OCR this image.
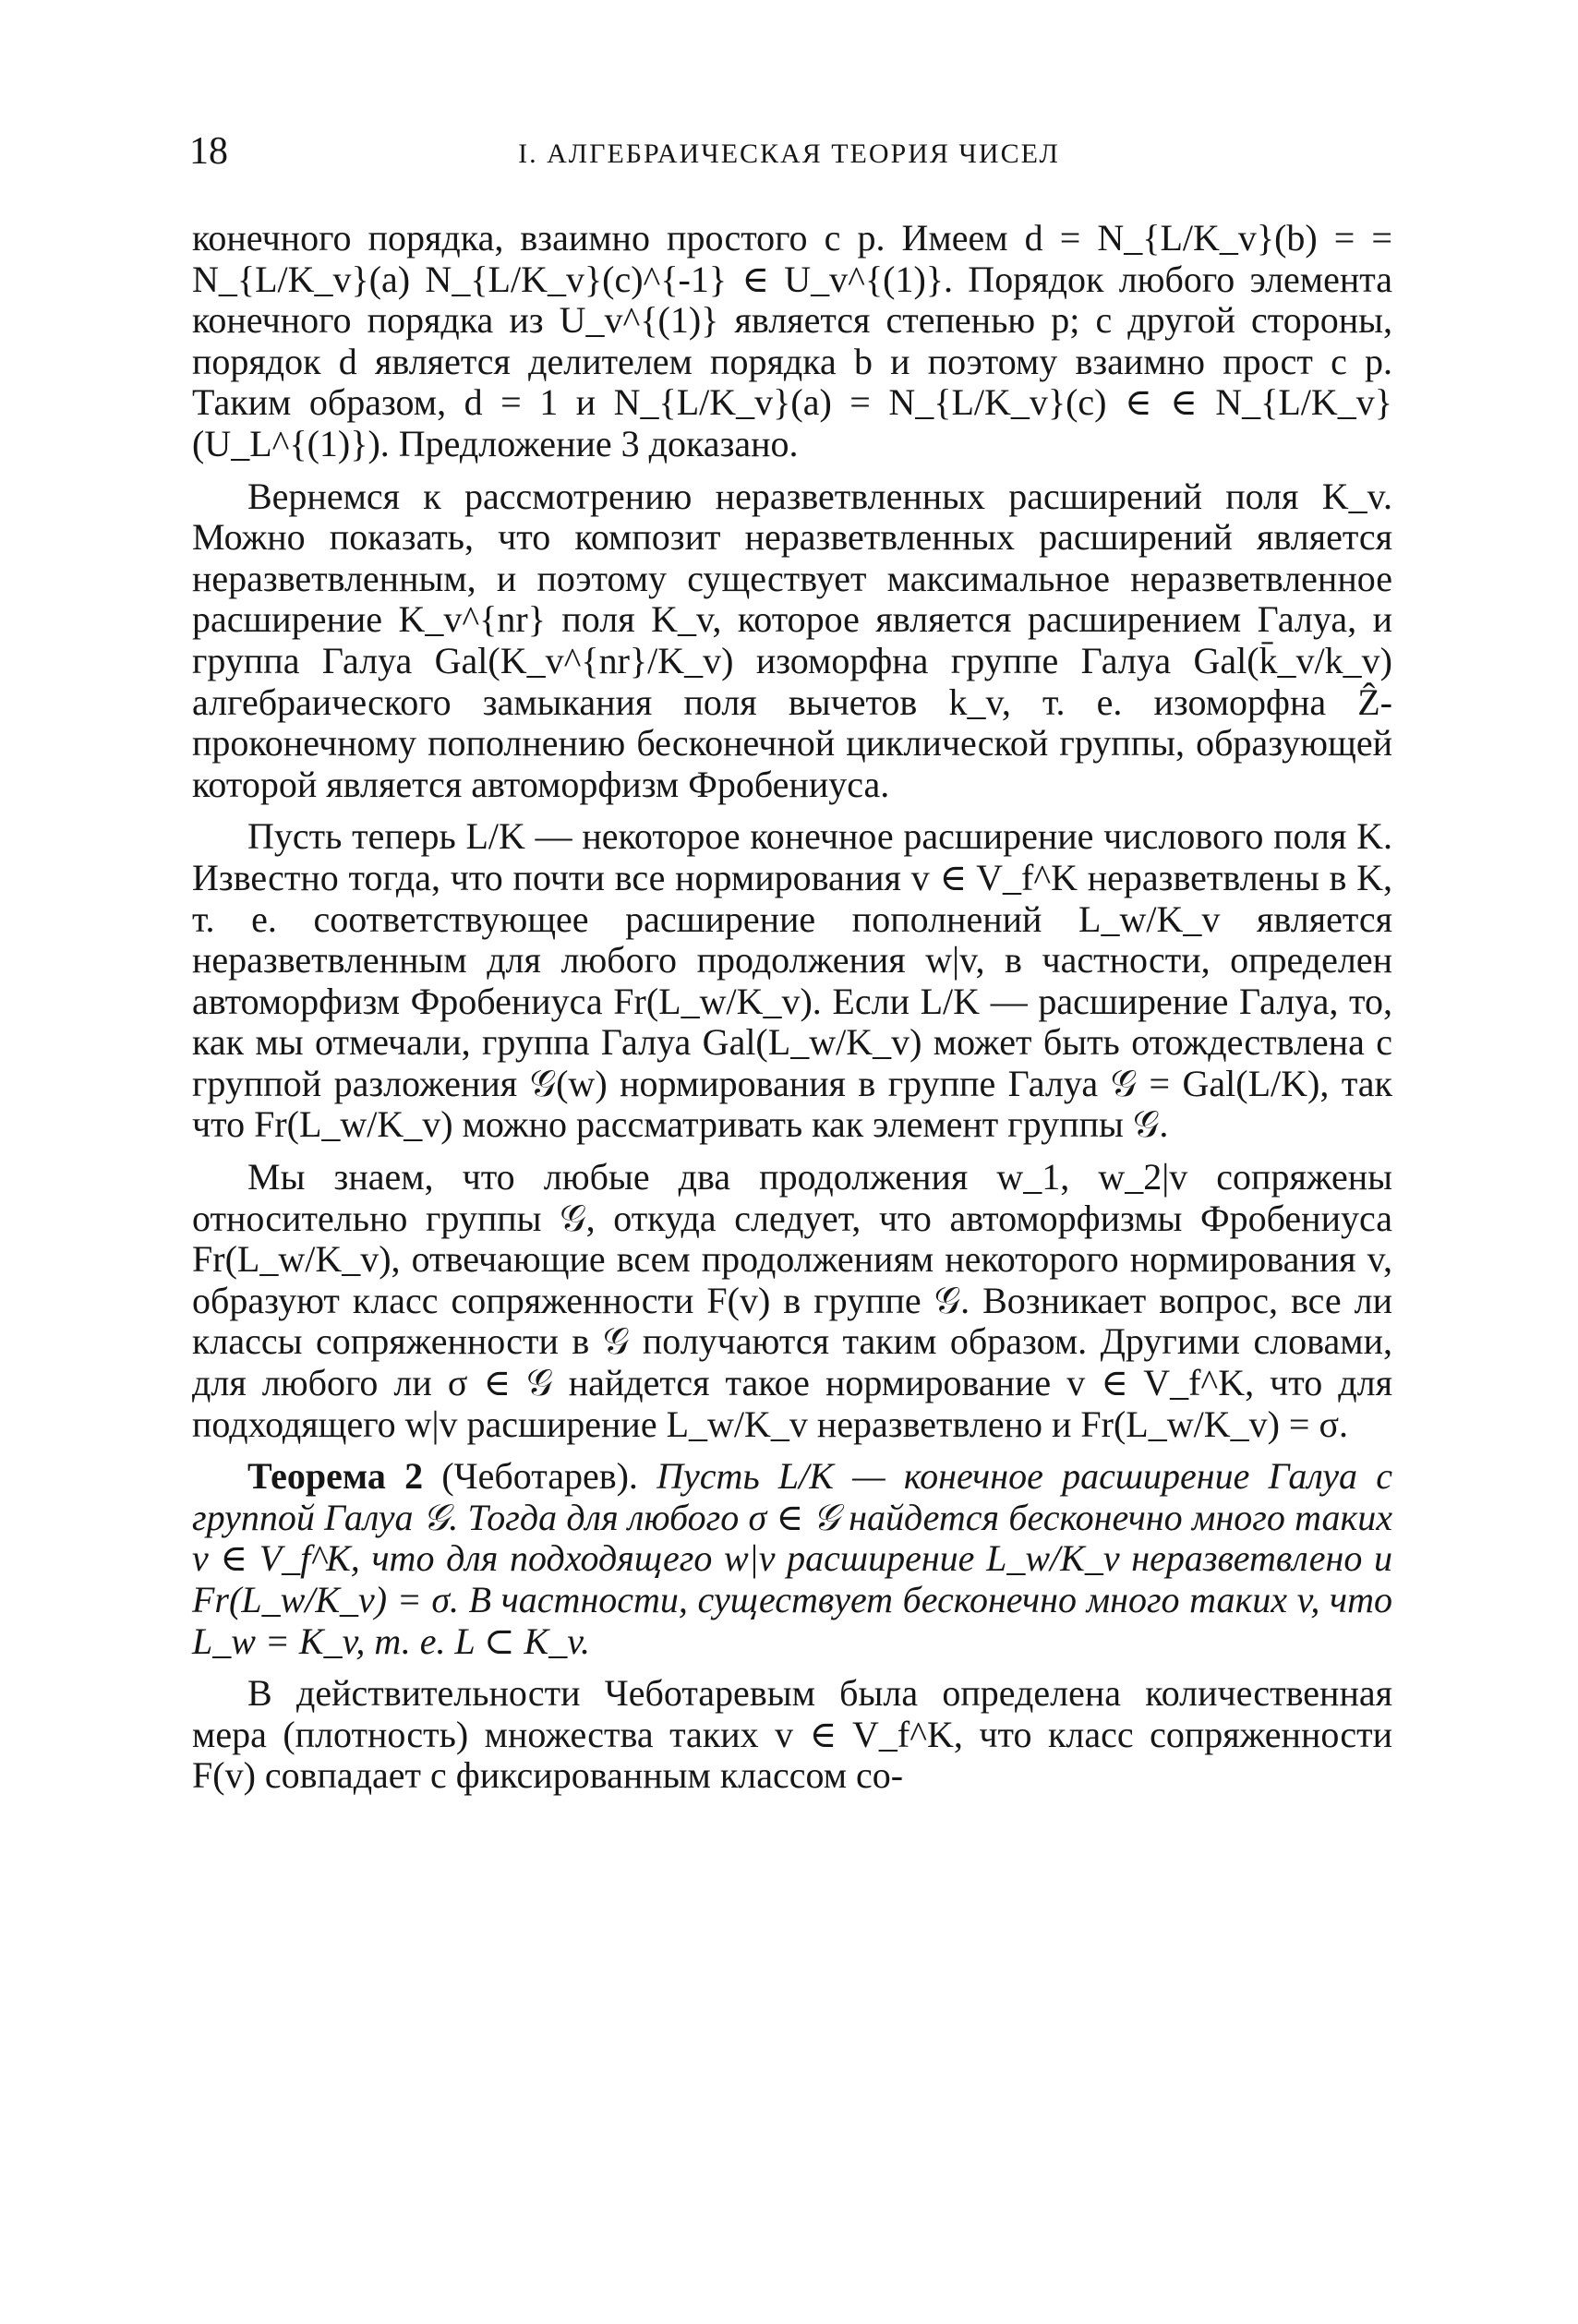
18	I. АЛГЕБРАИЧЕСКАЯ ТЕОРИЯ ЧИСЕЛ

конечного порядка, взаимно простого с p. Имеем d = N_{L/K_v}(b) = = N_{L/K_v}(a) N_{L/K_v}(c)^{-1} ∈ U_v^{(1)}. Порядок любого элемента конечного порядка из U_v^{(1)} является степенью p; с другой стороны, порядок d является делителем порядка b и поэтому взаимно прост с p. Таким образом, d = 1 и N_{L/K_v}(a) = N_{L/K_v}(c) ∈ ∈ N_{L/K_v}(U_L^{(1)}). Предложение 3 доказано.

Вернемся к рассмотрению неразветвленных расширений поля K_v. Можно показать, что композит неразветвленных расширений является неразветвленным, и поэтому существует максимальное неразветвленное расширение K_v^{nr} поля K_v, которое является расширением Галуа, и группа Галуа Gal(K_v^{nr}/K_v) изоморфна группе Галуа Gal(k̄_v/k_v) алгебраического замыкания поля вычетов k_v, т. е. изоморфна Ẑ-проконечному пополнению бесконечной циклической группы, образующей которой является автоморфизм Фробениуса.

Пусть теперь L/K — некоторое конечное расширение числового поля K. Известно тогда, что почти все нормирования v ∈ V_f^K неразветвлены в K, т. е. соответствующее расширение пополнений L_w/K_v является неразветвленным для любого продолжения w|v, в частности, определен автоморфизм Фробениуса Fr(L_w/K_v). Если L/K — расширение Галуа, то, как мы отмечали, группа Галуа Gal(L_w/K_v) может быть отождествлена с группой разложения 𝒢(w) нормирования в группе Галуа 𝒢 = Gal(L/K), так что Fr(L_w/K_v) можно рассматривать как элемент группы 𝒢.

Мы знаем, что любые два продолжения w_1, w_2|v сопряжены относительно группы 𝒢, откуда следует, что автоморфизмы Фробениуса Fr(L_w/K_v), отвечающие всем продолжениям некоторого нормирования v, образуют класс сопряженности F(v) в группе 𝒢. Возникает вопрос, все ли классы сопряженности в 𝒢 получаются таким образом. Другими словами, для любого ли σ ∈ 𝒢 найдется такое нормирование v ∈ V_f^K, что для подходящего w|v расширение L_w/K_v неразветвлено и Fr(L_w/K_v) = σ.

Теорема 2 (Чеботарев). Пусть L/K — конечное расширение Галуа с группой Галуа 𝒢. Тогда для любого σ ∈ 𝒢 найдется бесконечно много таких v ∈ V_f^K, что для подходящего w|v расширение L_w/K_v неразветвлено и Fr(L_w/K_v) = σ. В частности, существует бесконечно много таких v, что L_w = K_v, т. е. L ⊂ K_v.

В действительности Чеботаревым была определена количественная мера (плотность) множества таких v ∈ V_f^K, что класс сопряженности F(v) совпадает с фиксированным классом со-
